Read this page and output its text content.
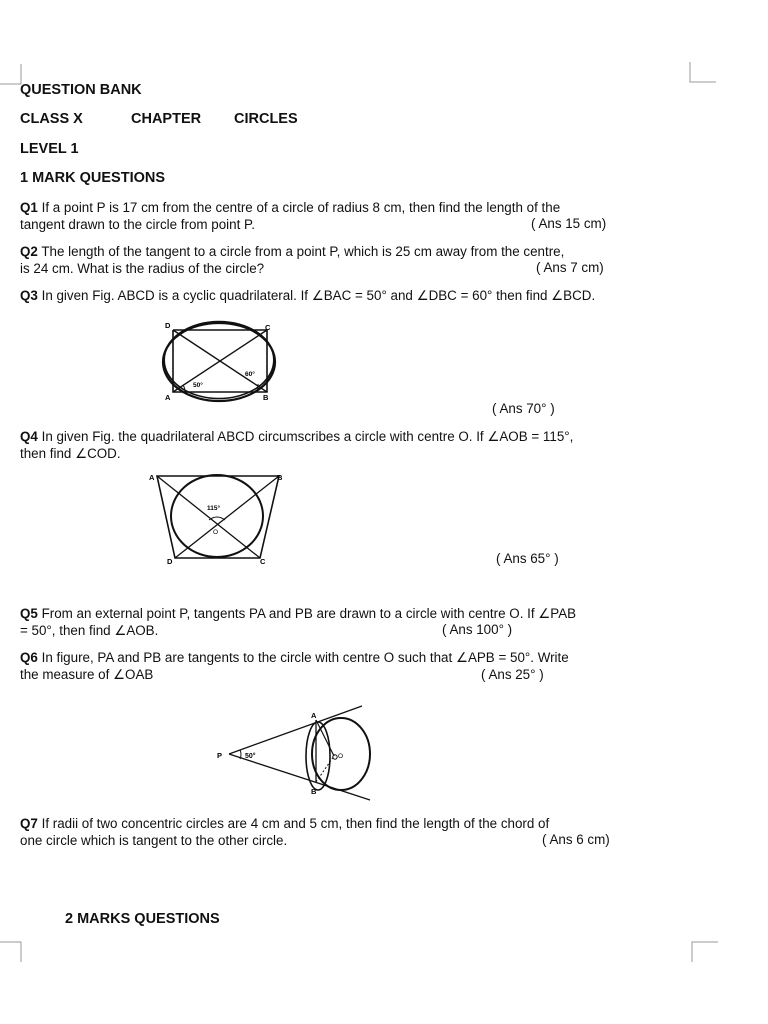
QUESTION BANK
CLASS X	CHAPTER CIRCLES
LEVEL 1
1 MARK QUESTIONS
Q1 If a point P is 17 cm from the centre of a circle of radius 8 cm, then find the length of the
tangent drawn to the circle from point P.	( Ans 15 cm)
Q2 The length of the tangent to a circle from a point P, which is 25 cm away from the centre,
is 24 cm. What is the radius of the circle?	( Ans 7 cm)
Q3 In given Fig. ABCD is a cyclic quadrilateral. If ∠BAC = 50° and ∠DBC = 60° then find ∠BCD.
D	C
A	B
50°
60°
( Ans 70° )
Q4 In given Fig. the quadrilateral ABCD circumscribes a circle with centre O. If ∠AOB = 115°,
then find ∠COD.
A	B
C
D
O
115°
( Ans 65° )
Q5 From an external point P, tangents PA and PB are drawn to a circle with centre O. If ∠PAB
= 50°, then find ∠AOB.	( Ans 100° )
Q6 In figure, PA and PB are tangents to the circle with centre O such that ∠APB = 50°. Write
the measure of ∠OAB	( Ans 25° )
P
A
B
O
50°
Q7 If radii of two concentric circles are 4 cm and 5 cm, then find the length of the chord of
one circle which is tangent to the other circle.	( Ans 6 cm)
2 MARKS QUESTIONS
